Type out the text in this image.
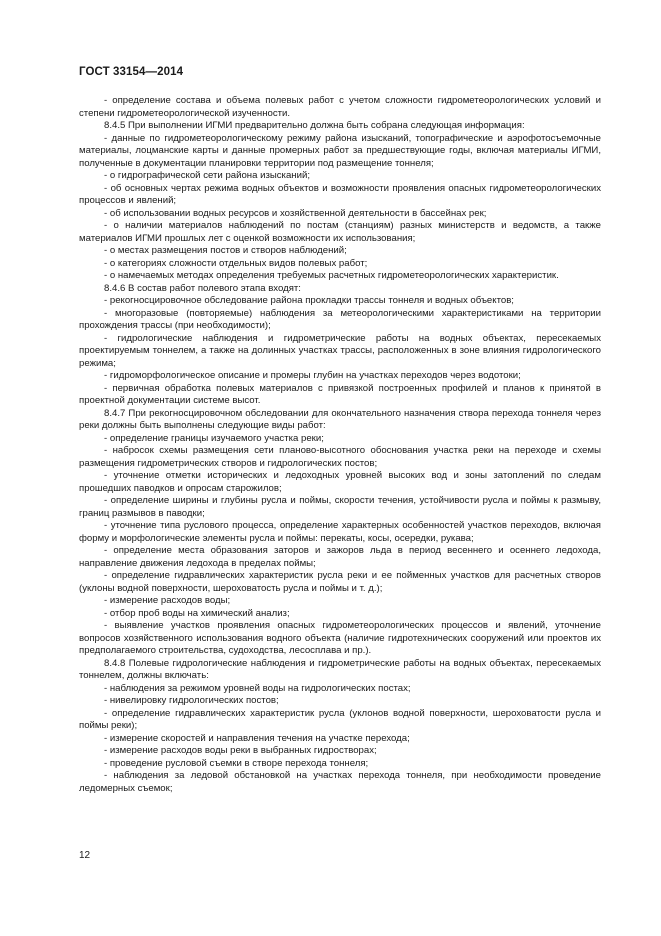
ГОСТ 33154—2014

- определение состава и объема полевых работ с учетом сложности гидрометеорологических условий и степени гидрометеорологической изученности.

8.4.5 При выполнении ИГМИ предварительно должна быть собрана следующая информация:

- данные по гидрометеорологическому режиму района изысканий, топографические и аэрофотосъемочные материалы, лоцманские карты и данные промерных работ за предшествующие годы, включая материалы ИГМИ, полученные в документации планировки территории под размещение тоннеля;

- о гидрографической сети района изысканий;

- об основных чертах режима водных объектов и возможности проявления опасных гидрометеорологических процессов и явлений;

- об использовании водных ресурсов и хозяйственной деятельности в бассейнах рек;

- о наличии материалов наблюдений по постам (станциям) разных министерств и ведомств, а также материалов ИГМИ прошлых лет с оценкой возможности их использования;

- о местах размещения постов и створов наблюдений;

- о категориях сложности отдельных видов полевых работ;

- о намечаемых методах определения требуемых расчетных гидрометеорологических характеристик.

8.4.6 В состав работ полевого этапа входят:

- рекогносцировочное обследование района прокладки трассы тоннеля и водных объектов;

- многоразовые (повторяемые) наблюдения за метеорологическими характеристиками на территории прохождения трассы (при необходимости);

- гидрологические наблюдения и гидрометрические работы на водных объектах, пересекаемых проектируемым тоннелем, а также на долинных участках трассы, расположенных в зоне влияния гидрологического режима;

- гидроморфологическое описание и промеры глубин на участках переходов через водотоки;

- первичная обработка полевых материалов с привязкой построенных профилей и планов к принятой в проектной документации системе высот.

8.4.7 При рекогносцировочном обследовании для окончательного назначения створа перехода тоннеля через реки должны быть выполнены следующие виды работ:

- определение границы изучаемого участка реки;

- набросок схемы размещения сети планово-высотного обоснования участка реки на переходе и схемы размещения гидрометрических створов и гидрологических постов;

- уточнение отметки исторических и ледоходных уровней высоких вод и зоны затоплений по следам прошедших паводков и опросам старожилов;

- определение ширины и глубины русла и поймы, скорости течения, устойчивости русла и поймы к размыву, границ размывов в паводки;

- уточнение типа руслового процесса, определение характерных особенностей участков переходов, включая форму и морфологические элементы русла и поймы: перекаты, косы, осередки, рукава;

- определение места образования заторов и зажоров льда в период весеннего и осеннего ледохода, направление движения ледохода в пределах поймы;

- определение гидравлических характеристик русла реки и ее пойменных участков для расчетных створов (уклоны водной поверхности, шероховатость русла и поймы и т. д.);

- измерение расходов воды;

- отбор проб воды на химический анализ;

- выявление участков проявления опасных гидрометеорологических процессов и явлений, уточнение вопросов хозяйственного использования водного объекта (наличие гидротехнических сооружений или проектов их предполагаемого строительства, судоходства, лесосплава и пр.).

8.4.8 Полевые гидрологические наблюдения и гидрометрические работы на водных объектах, пересекаемых тоннелем, должны включать:

- наблюдения за режимом уровней воды на гидрологических постах;

- нивелировку гидрологических постов;

- определение гидравлических характеристик русла (уклонов водной поверхности, шероховатости русла и поймы реки);

- измерение скоростей и направления течения на участке перехода;

- измерение расходов воды реки в выбранных гидростворах;

- проведение русловой съемки в створе перехода тоннеля;

- наблюдения за ледовой обстановкой на участках перехода тоннеля, при необходимости проведение ледомерных съемок;

12
